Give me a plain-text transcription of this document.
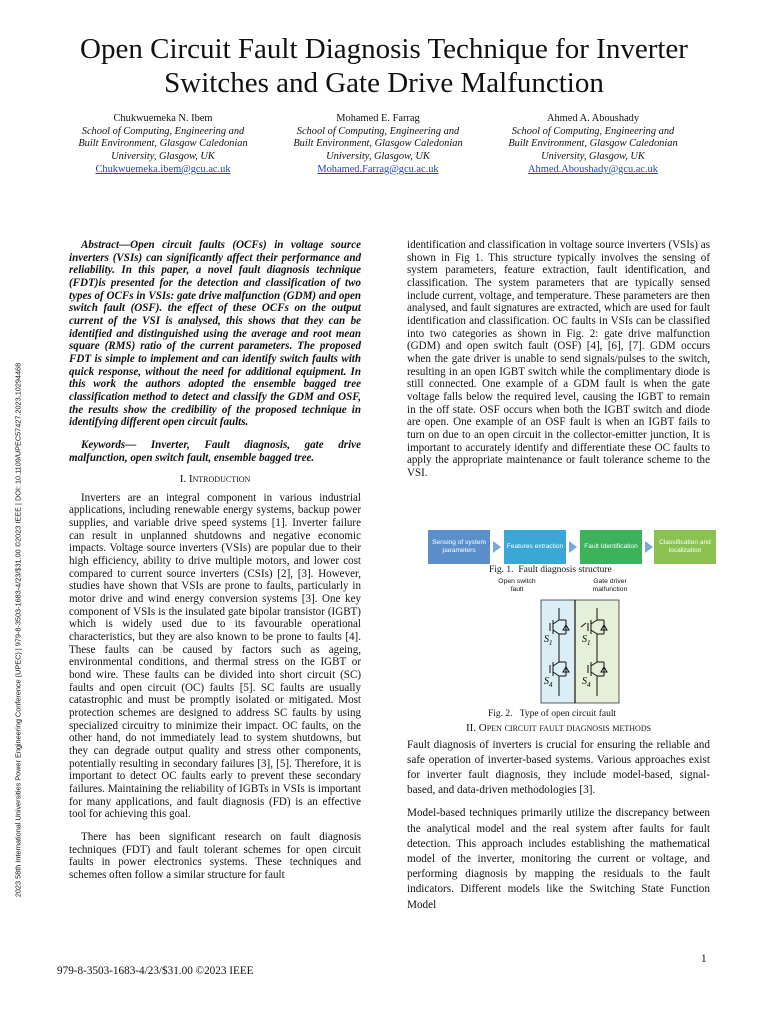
Open Circuit Fault Diagnosis Technique for Inverter Switches and Gate Drive Malfunction
Chukwuemeka N. Ibem
School of Computing, Engineering and
Built Environment, Glasgow Caledonian
University, Glasgow, UK
Chukwuemeka.ibem@gcu.ac.uk
Mohamed E. Farrag
School of Computing, Engineering and
Built Environment, Glasgow Caledonian
University, Glasgow, UK
Mohamed.Farrag@gcu.ac.uk
Ahmed A. Aboushady
School of Computing, Engineering and
Built Environment, Glasgow Caledonian
University, Glasgow, UK
Ahmed.Aboushady@gcu.ac.uk

Abstract—Open circuit faults (OCFs) in voltage source inverters (VSIs) can significantly affect their performance and reliability. In this paper, a novel fault diagnosis technique (FDT)is presented for the detection and classification of two types of OCFs in VSIs: gate drive malfunction (GDM) and open switch fault (OSF). the effect of these OCFs on the output current of the VSI is analysed, this shows that they can be identified and distinguished using the average and root mean square (RMS) ratio of the current parameters. The proposed FDT is simple to implement and can identify switch faults with quick response, without the need for additional equipment. In this work the authors adopted the ensemble bagged tree classification method to detect and classify the GDM and OSF, the results show the credibility of the proposed technique in identifying different open circuit faults.

Keywords— Inverter, Fault diagnosis, gate drive malfunction, open switch fault, ensemble bagged tree.

I. Introduction

Inverters are an integral component in various industrial applications, including renewable energy systems, backup power supplies, and variable drive speed systems [1]. Inverter failure can result in unplanned shutdowns and negative economic impacts. Voltage source inverters (VSIs) are popular due to their high efficiency, ability to drive multiple motors, and lower cost compared to current source inverters (CSIs) [2], [3]. However, studies have shown that VSIs are prone to faults, particularly in motor drive and wind energy conversion systems [3]. One key component of VSIs is the insulated gate bipolar transistor (IGBT) which is widely used due to its favourable operational characteristics, but they are also known to be prone to faults [4]. These faults can be caused by factors such as ageing, environmental conditions, and thermal stress on the IGBT or bond wire. These faults can be divided into short circuit (SC) faults and open circuit (OC) faults [5]. SC faults are usually catastrophic and must be promptly isolated or mitigated. Most protection schemes are designed to address SC faults by using specialized circuitry to minimize their impact. OC faults, on the other hand, do not immediately lead to system shutdowns, but they can degrade output quality and stress other components, potentially resulting in secondary failures [3], [5]. Therefore, it is important to detect OC faults early to prevent these secondary failures. Maintaining the reliability of IGBTs in VSIs is important for many applications, and fault diagnosis (FD) is an effective tool for achieving this goal.

There has been significant research on fault diagnosis techniques (FDT) and fault tolerant schemes for open circuit faults in power electronics systems. These techniques and schemes often follow a similar structure for fault

identification and classification in voltage source inverters (VSIs) as shown in Fig 1. This structure typically involves the sensing of system parameters, feature extraction, fault identification, and classification. The system parameters that are typically sensed include current, voltage, and temperature. These parameters are then analysed, and fault signatures are extracted, which are used for fault identification and classification. OC faults in VSIs can be classified into two categories as shown in Fig. 2: gate drive malfunction (GDM) and open switch fault (OSF) [4], [6], [7]. GDM occurs when the gate driver is unable to send signals/pulses to the switch, resulting in an open IGBT switch while the complimentary diode is still connected. One example of a GDM fault is when the gate voltage falls below the required level, causing the IGBT to remain in the off state. OSF occurs when both the IGBT switch and diode are open. One example of an OSF fault is when an IGBT fails to turn on due to an open circuit in the collector-emitter junction, It is important to accurately identify and differentiate these OC faults to apply the appropriate maintenance or fault tolerance scheme to the VSI.

Sensing of system parameters
Features extraction	Fault Identification
Classification and localization
Fig. 1. Fault diagnosis structure
Open switch fault
Gate driver malfunction
$S_1$
$S_4$
$S_1$
$S_4$
Fig. 2. Type of open circuit fault
II. Open circuit fault diagnosis methods

Fault diagnosis of inverters is crucial for ensuring the reliable and safe operation of inverter-based systems. Various approaches exist for inverter fault diagnosis, they include model-based, signal-based, and data-driven methodologies [3].

Model-based techniques primarily utilize the discrepancy between the analytical model and the real system after faults for fault detection. This approach includes establishing the mathematical model of the inverter, monitoring the current or voltage, and performing diagnosis by mapping the residuals to the fault indicators. Different models like the Switching State Function Model

2023 58th International Universities Power Engineering Conference (UPEC) | 979-8-3503-1683-4/23/$31.00 ©2023 IEEE | DOI: 10.1109/UPEC57427.2023.10294468
979-8-3503-1683-4/23/$31.00 ©2023 IEEE
1
